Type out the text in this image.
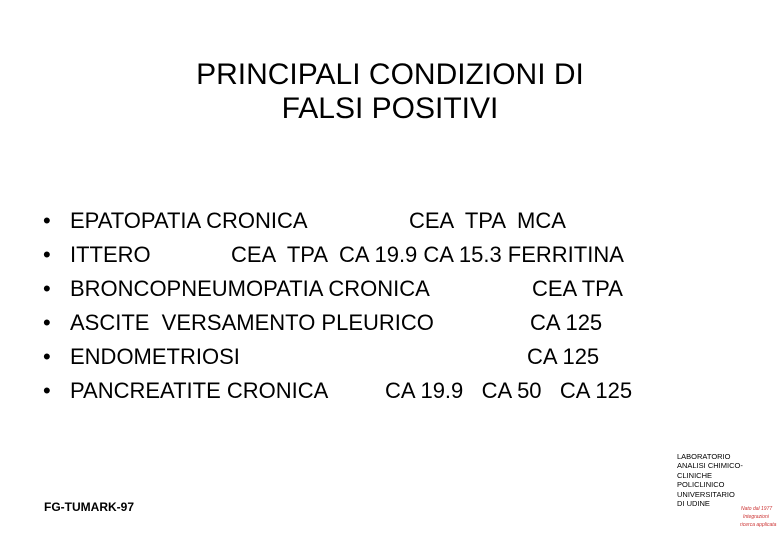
PRINCIPALI CONDIZIONI DI
FALSI POSITIVI
• EPATOPATIA CRONICA	CEA  TPA  MCA
• ITTERO	CEA  TPA  CA 19.9 CA 15.3 FERRITINA
• BRONCOPNEUMOPATIA CRONICA	CEA TPA
• ASCITE  VERSAMENTO PLEURICO	CA 125
• ENDOMETRIOSI	CA 125
• PANCREATITE CRONICA	CA 19.9   CA 50   CA 125
FG-TUMARK-97
LABORATORIO
ANALISI CHIMICO-
CLINICHE
POLICLINICO
UNIVERSITARIO
DI UDINE
Nato dal 1977
Integrazioni
ricerca applicata
